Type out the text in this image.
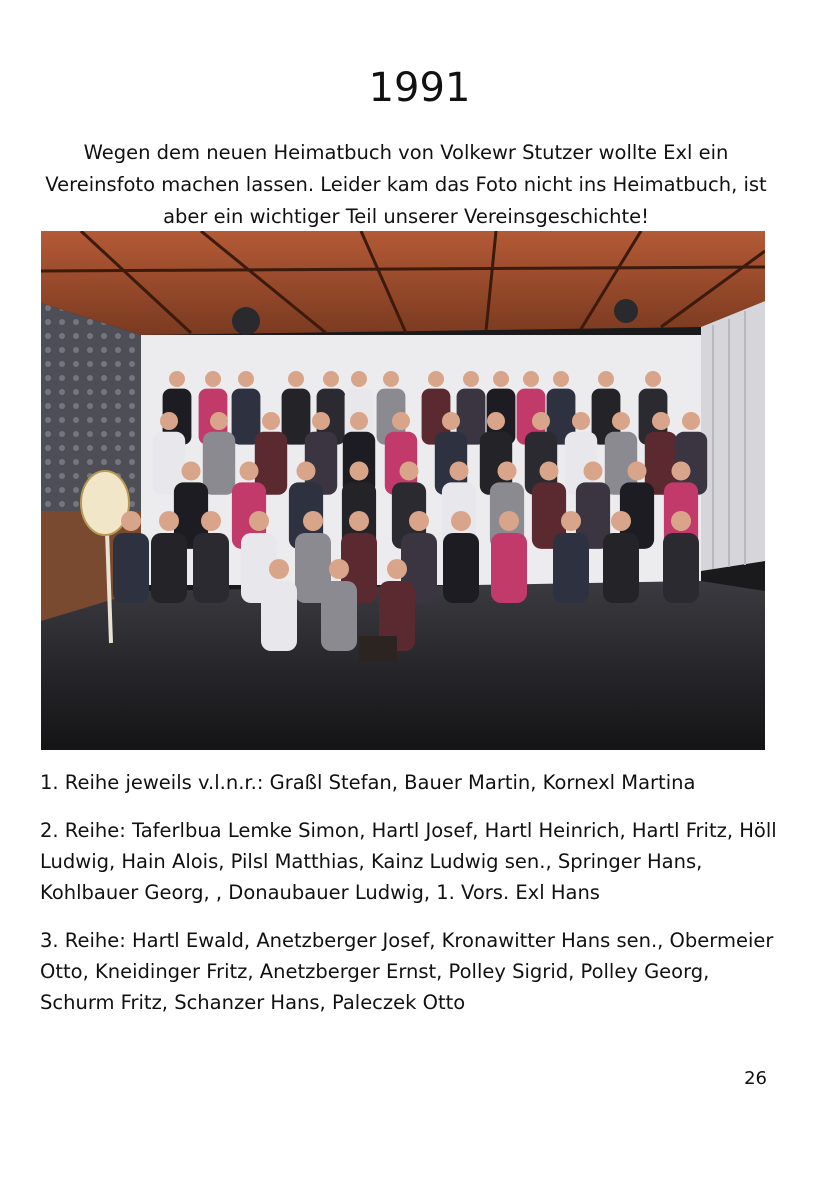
1991
Wegen dem neuen Heimatbuch von Volkewr Stutzer wollte Exl ein Vereinsfoto machen lassen. Leider kam das Foto nicht ins Heimatbuch, ist aber ein wichtiger Teil unserer Vereinsgeschichte!
1. Reihe jeweils v.l.n.r.: Graßl Stefan, Bauer Martin, Kornexl Martina
2. Reihe: Taferlbua Lemke Simon, Hartl Josef, Hartl Heinrich, Hartl Fritz, Höll Ludwig, Hain Alois, Pilsl Matthias, Kainz Ludwig sen., Springer Hans, Kohlbauer Georg, , Donaubauer Ludwig, 1. Vors. Exl Hans
3. Reihe: Hartl Ewald, Anetzberger Josef, Kronawitter Hans sen., Obermeier Otto, Kneidinger Fritz, Anetzberger Ernst, Polley Sigrid, Polley Georg, Schurm Fritz, Schanzer Hans, Paleczek Otto
26
